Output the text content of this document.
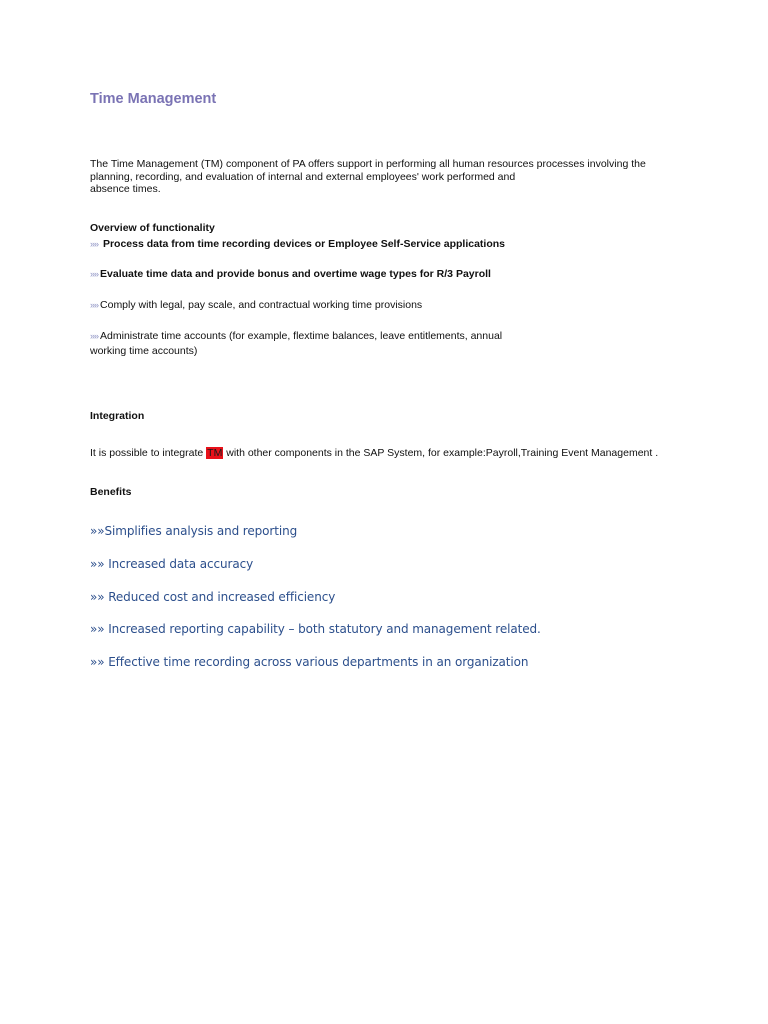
Time Management
The Time Management (TM) component of PA offers support in performing all human resources processes involving the
planning, recording, and evaluation of internal and external employees' work performed and
absence times.
Overview of functionality
»» Process data from time recording devices or Employee Self-Service applications
»» Evaluate time data and provide bonus and overtime wage types for R/3 Payroll
»» Comply with legal, pay scale, and contractual working time provisions
»» Administrate time accounts (for example, flextime balances, leave entitlements, annual
working time accounts)
Integration
It is possible to integrate TM with other components in the SAP System, for example:Payroll,Training Event Management .
Benefits
»»Simplifies analysis and reporting
»» Increased data accuracy
»» Reduced cost and increased efficiency
»» Increased reporting capability – both statutory and management related.
»» Effective time recording across various departments in an organization
